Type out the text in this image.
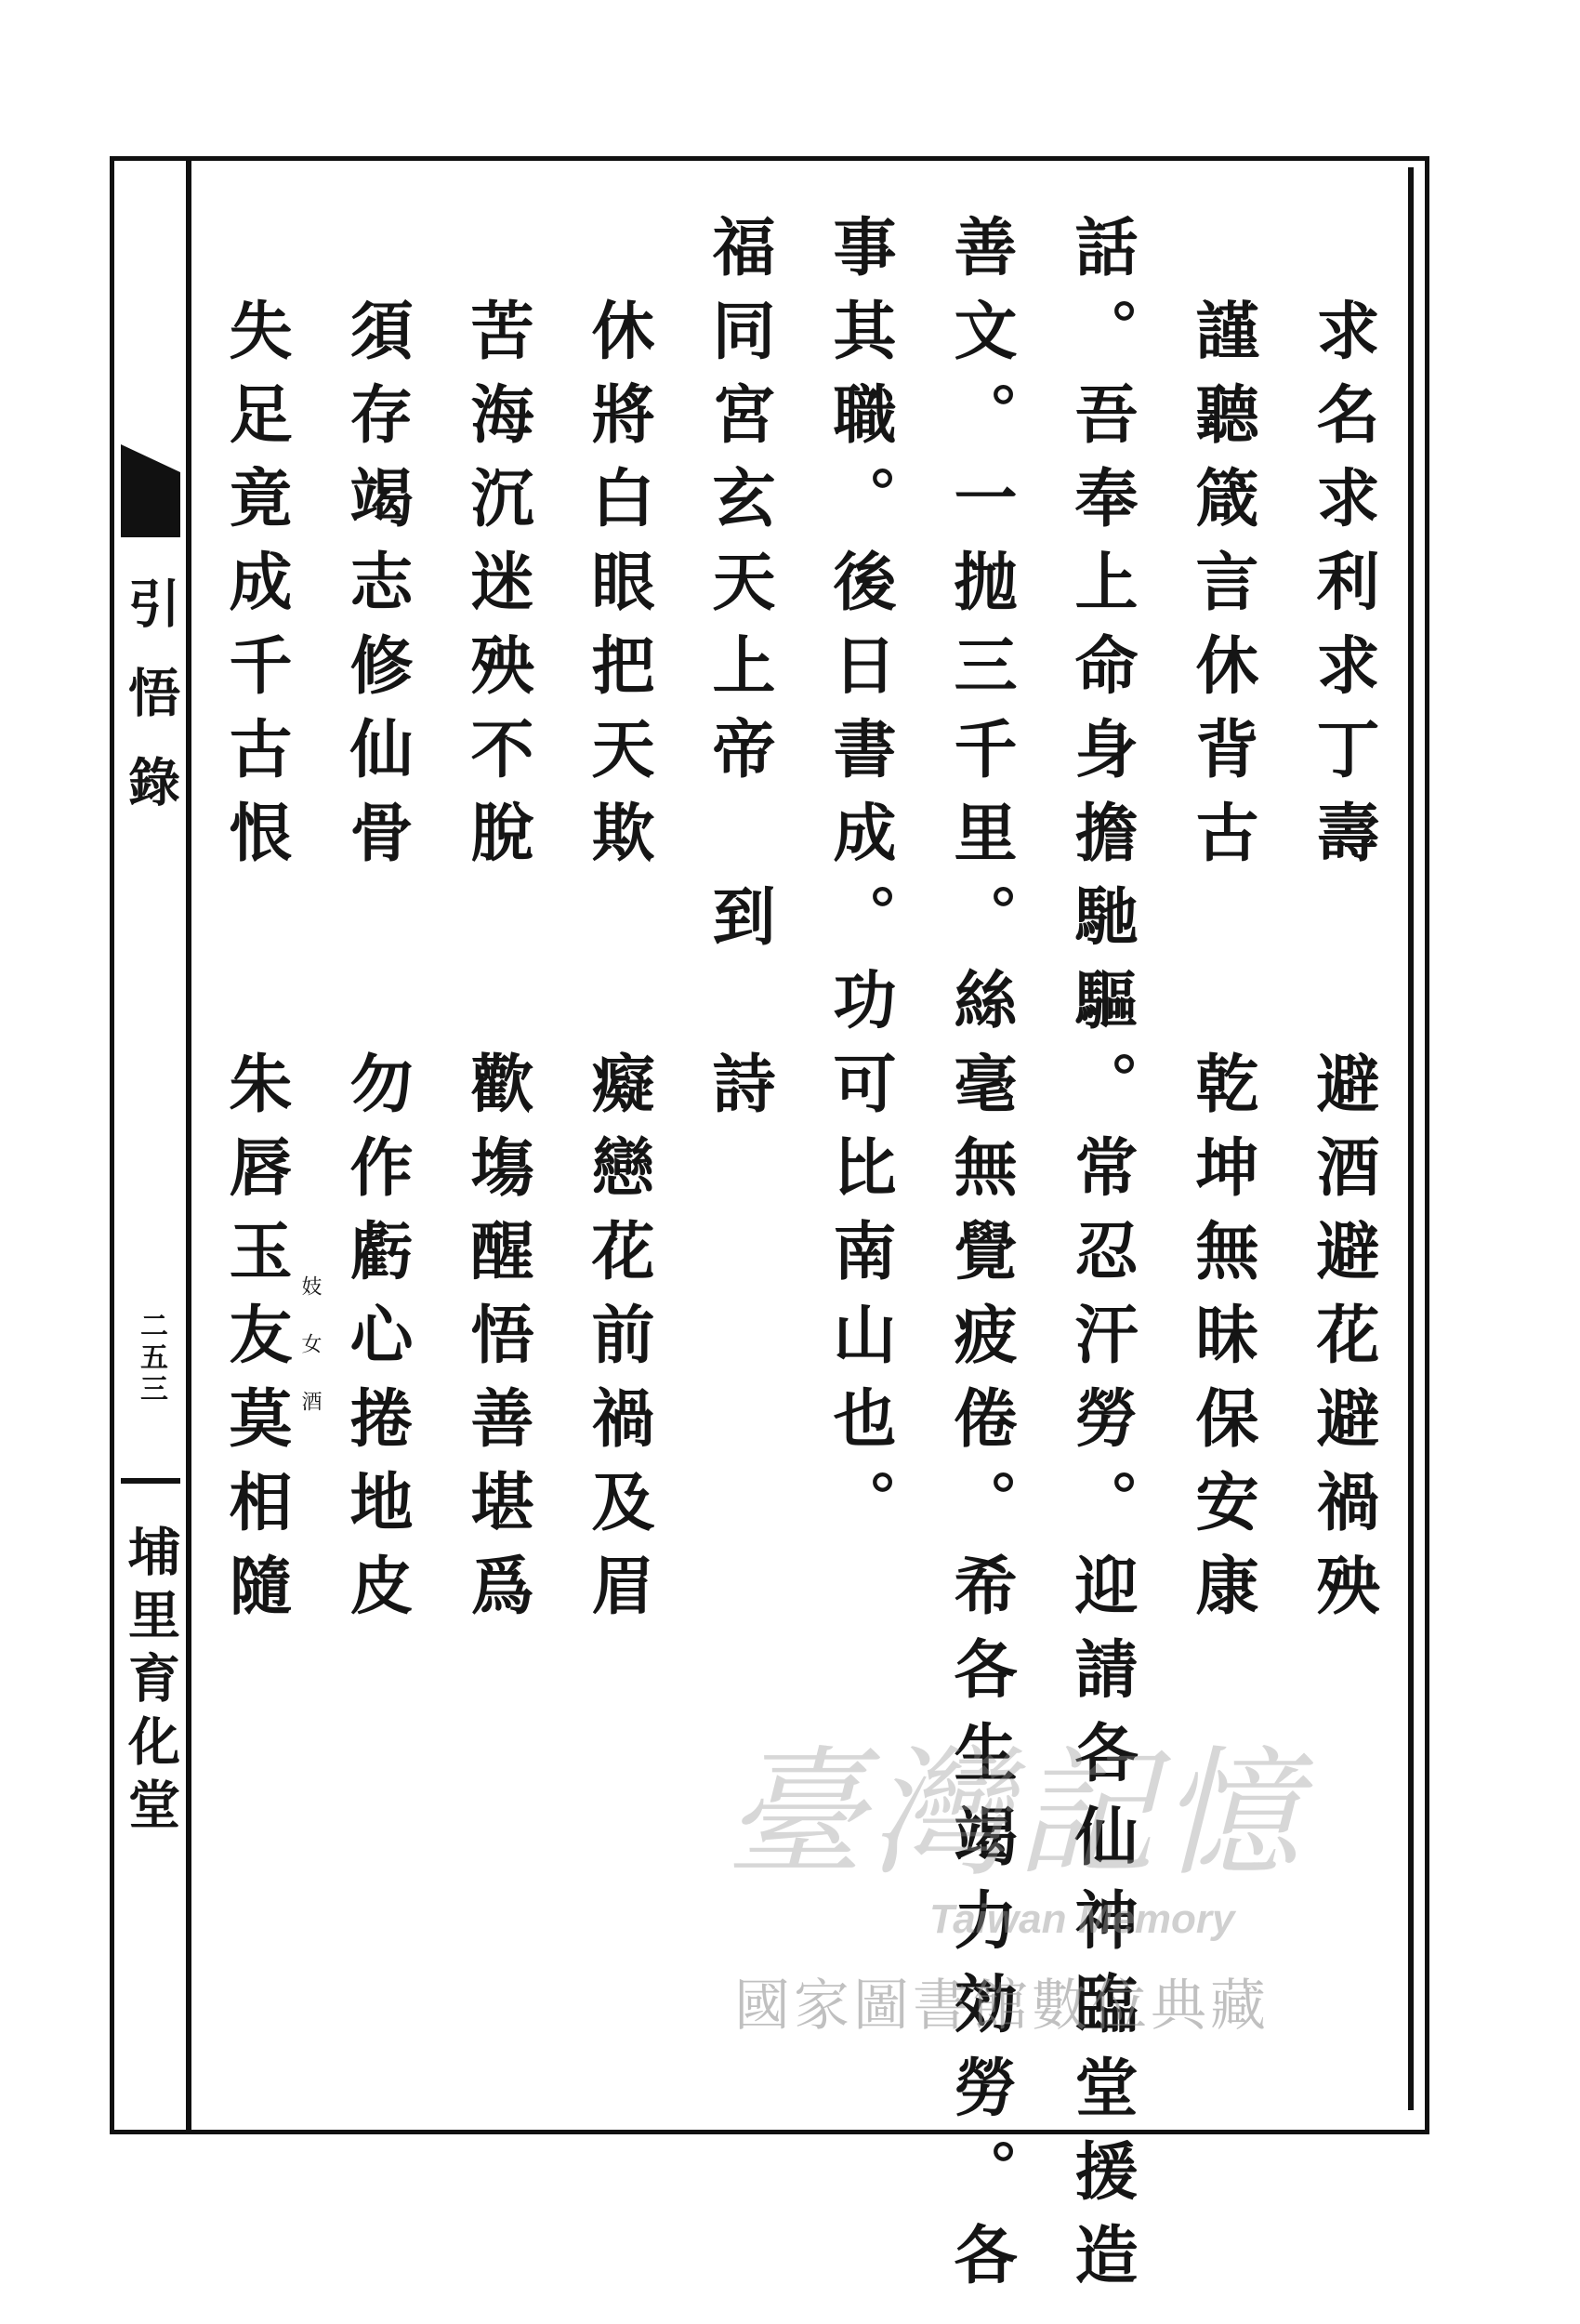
引悟錄
二五三
埔里育化堂
求名求利求丁壽　　避酒避花避禍殃
謹聽箴言休背古　　乾坤無昧保安康
話。吾奉上命身擔馳驅。常忍汗勞。迎請各仙神臨堂援造
善文。一抛三千里。絲毫無覺疲倦。希各生竭力効勞。各
事其職。後日書成。功可比南山也。
福同宮玄天上帝　到　詩
休將白眼把天欺　　癡戀花前禍及眉
苦海沉迷殃不脫　　歡塲醒悟善堪爲
須存竭志修仙骨　　勿作虧心捲地皮
失足竟成千古恨　　朱唇玉友莫相隨 妓女酒
臺灣記憶
Taiwan Memory
國家圖書館數位典藏
